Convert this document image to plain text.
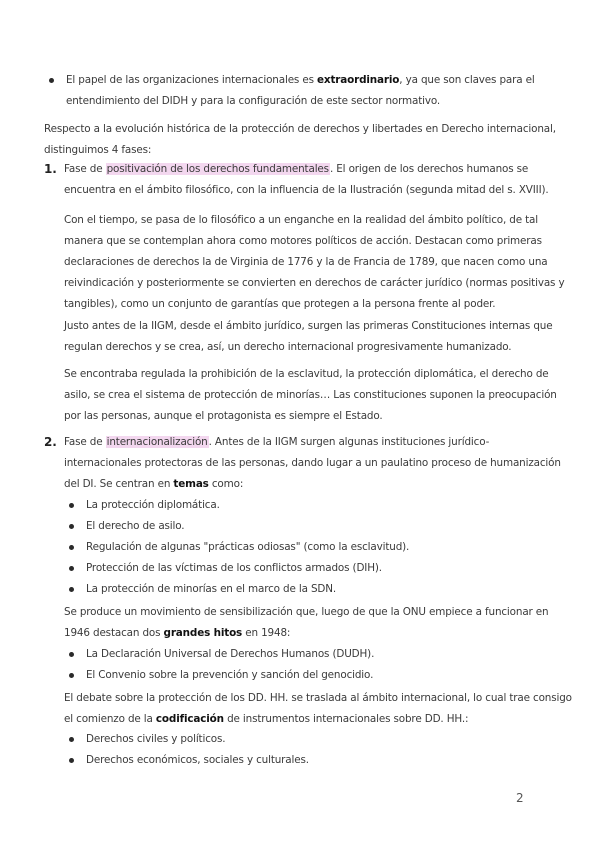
El papel de las organizaciones internacionales es extraordinario, ya que son claves para el entendimiento del DIDH y para la configuración de este sector normativo.

Respecto a la evolución histórica de la protección de derechos y libertades en Derecho internacional, distinguimos 4 fases:

1. Fase de positivación de los derechos fundamentales. El origen de los derechos humanos se encuentra en el ámbito filosófico, con la influencia de la Ilustración (segunda mitad del s. XVIII).

Con el tiempo, se pasa de lo filosófico a un enganche en la realidad del ámbito político, de tal manera que se contemplan ahora como motores políticos de acción. Destacan como primeras declaraciones de derechos la de Virginia de 1776 y la de Francia de 1789, que nacen como una reivindicación y posteriormente se convierten en derechos de carácter jurídico (normas positivas y tangibles), como un conjunto de garantías que protegen a la persona frente al poder.

Justo antes de la IIGM, desde el ámbito jurídico, surgen las primeras Constituciones internas que regulan derechos y se crea, así, un derecho internacional progresivamente humanizado.

Se encontraba regulada la prohibición de la esclavitud, la protección diplomática, el derecho de asilo, se crea el sistema de protección de minorías… Las constituciones suponen la preocupación por las personas, aunque el protagonista es siempre el Estado.

2. Fase de internacionalización. Antes de la IIGM surgen algunas instituciones jurídico-internacionales protectoras de las personas, dando lugar a un paulatino proceso de humanización del DI. Se centran en temas como:

La protección diplomática.

El derecho de asilo.

Regulación de algunas "prácticas odiosas" (como la esclavitud).

Protección de las víctimas de los conflictos armados (DIH).

La protección de minorías en el marco de la SDN.

Se produce un movimiento de sensibilización que, luego de que la ONU empiece a funcionar en 1946 destacan dos grandes hitos en 1948:

La Declaración Universal de Derechos Humanos (DUDH).

El Convenio sobre la prevención y sanción del genocidio.

El debate sobre la protección de los DD. HH. se traslada al ámbito internacional, lo cual trae consigo el comienzo de la codificación de instrumentos internacionales sobre DD. HH.:

Derechos civiles y políticos.

Derechos económicos, sociales y culturales.

2
